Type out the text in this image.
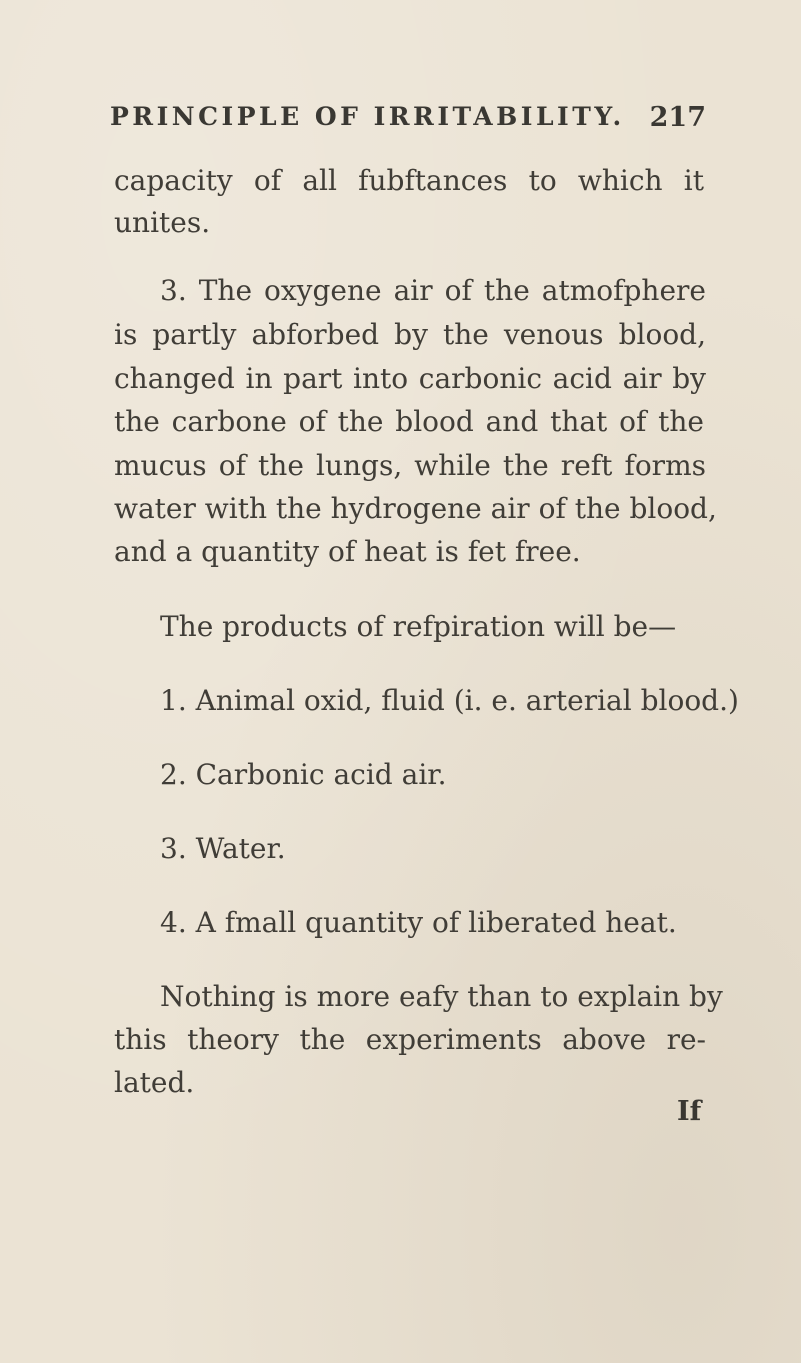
PRINCIPLE OF IRRITABILITY. 217
capacity of all fubftances to which it
unites.
3. The oxygene air of the atmofphere
is partly abforbed by the venous blood,
changed in part into carbonic acid air by
the carbone of the blood and that of the
mucus of the lungs, while the reft forms
water with the hydrogene air of the blood,
and a quantity of heat is fet free.
The products of refpiration will be—
1. Animal oxid, fluid (i. e. arterial blood.)
2. Carbonic acid air.
3. Water.
4. A fmall quantity of liberated heat.
Nothing is more eafy than to explain by
this theory the experiments above re-
lated.
If
